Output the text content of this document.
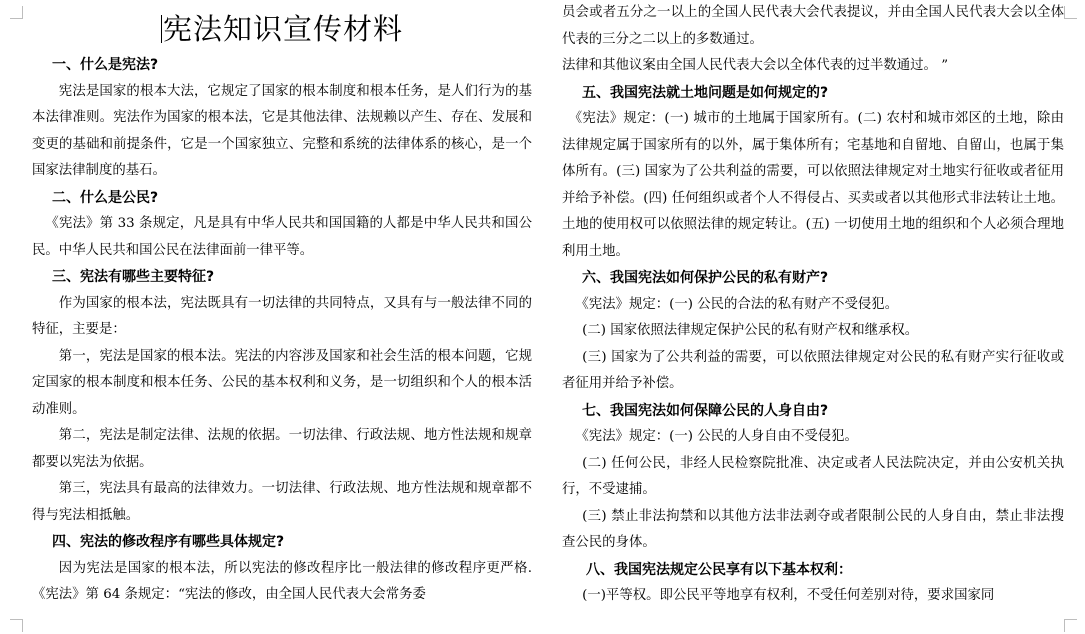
宪法知识宣传材料

一、什么是宪法?

宪法是国家的根本大法，它规定了国家的根本制度和根本任务，是人们行为的基本法律准则。宪法作为国家的根本法，它是其他法律、法规赖以产生、存在、发展和变更的基础和前提条件，它是一个国家独立、完整和系统的法律体系的核心，是一个国家法律制度的基石。

二、什么是公民?

《宪法》第 33 条规定，凡是具有中华人民共和国国籍的人都是中华人民共和国公民。中华人民共和国公民在法律面前一律平等。

三、宪法有哪些主要特征?

作为国家的根本法，宪法既具有一切法律的共同特点，又具有与一般法律不同的特征，主要是：

第一，宪法是国家的根本法。宪法的内容涉及国家和社会生活的根本问题，它规定国家的根本制度和根本任务、公民的基本权利和义务，是一切组织和个人的根本活动准则。

第二，宪法是制定法律、法规的依据。一切法律、行政法规、地方性法规和规章都要以宪法为依据。

第三，宪法具有最高的法律效力。一切法律、行政法规、地方性法规和规章都不得与宪法相抵触。

四、宪法的修改程序有哪些具体规定?

因为宪法是国家的根本法，所以宪法的修改程序比一般法律的修改程序更严格.《宪法》第 64 条规定：“宪法的修改，由全国人民代表大会常务委

员会或者五分之一以上的全国人民代表大会代表提议，并由全国人民代表大会以全体代表的三分之二以上的多数通过。

法律和其他议案由全国人民代表大会以全体代表的过半数通过。 ”

五、我国宪法就土地问题是如何规定的?

《宪法》规定：(一) 城市的土地属于国家所有。(二) 农村和城市郊区的土地，除由法律规定属于国家所有的以外，属于集体所有；宅基地和自留地、自留山，也属于集体所有。(三) 国家为了公共利益的需要，可以依照法律规定对土地实行征收或者征用并给予补偿。(四) 任何组织或者个人不得侵占、买卖或者以其他形式非法转让土地。土地的使用权可以依照法律的规定转让。(五) 一切使用土地的组织和个人必须合理地利用土地。

六、我国宪法如何保护公民的私有财产?

《宪法》规定：(一) 公民的合法的私有财产不受侵犯。

(二) 国家依照法律规定保护公民的私有财产权和继承权。

(三) 国家为了公共利益的需要，可以依照法律规定对公民的私有财产实行征收或者征用并给予补偿。

七、我国宪法如何保障公民的人身自由?

《宪法》规定：(一) 公民的人身自由不受侵犯。

(二) 任何公民，非经人民检察院批准、决定或者人民法院决定，并由公安机关执行，不受逮捕。

(三) 禁止非法拘禁和以其他方法非法剥夺或者限制公民的人身自由，禁止非法搜查公民的身体。

八、我国宪法规定公民享有以下基本权利：

(一)平等权。即公民平等地享有权利，不受任何差别对待，要求国家同
